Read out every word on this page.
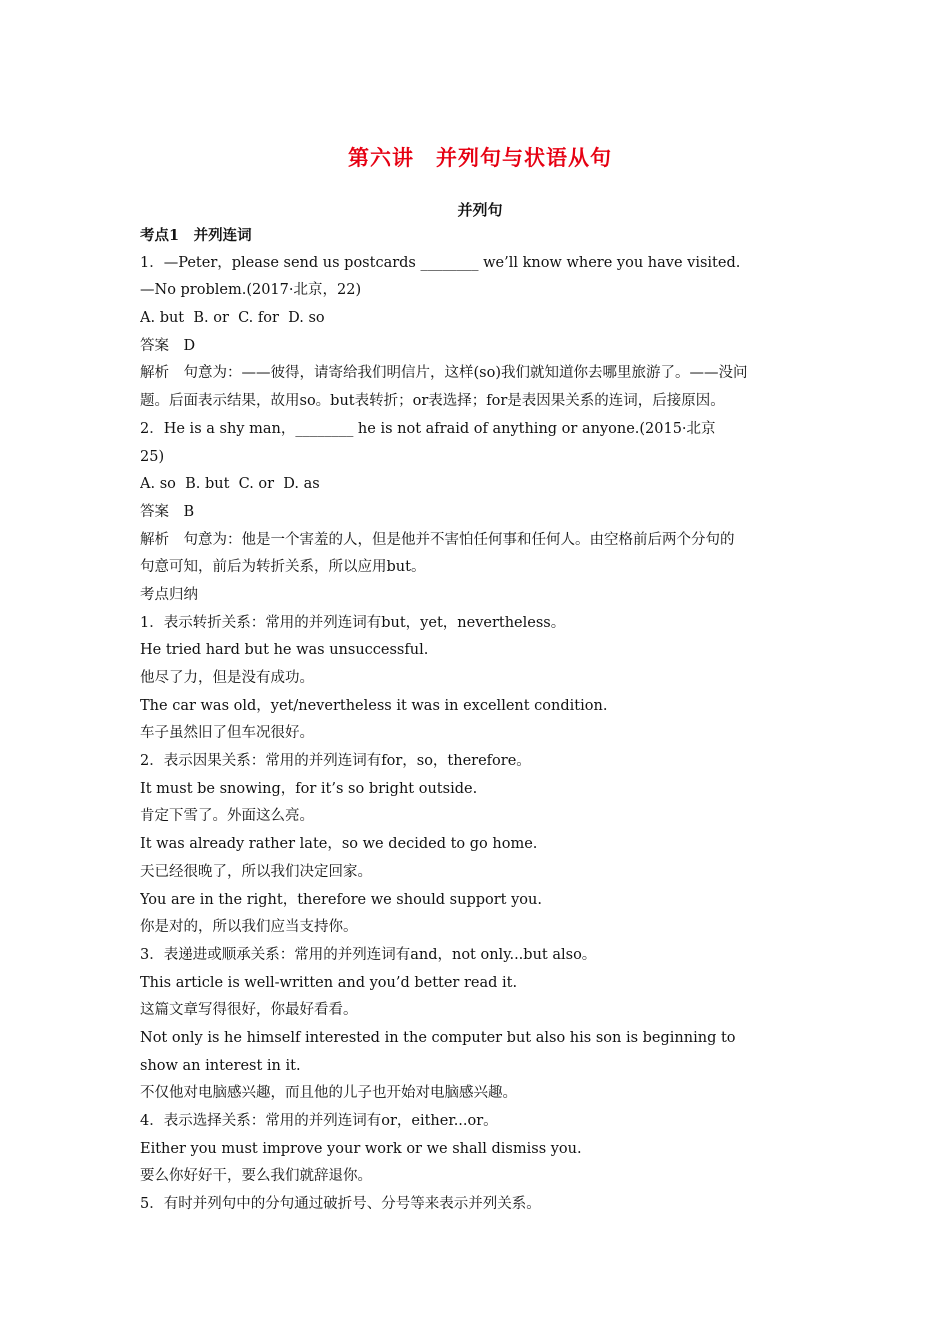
第六讲　并列句与状语从句
并列句
考点1　并列连词
1．—Peter，please send us postcards ________ we’ll know where you have visited.
—No problem.(2017·北京，22)
A. but  B. or  C. for  D. so
答案　D
解析　句意为：——彼得，请寄给我们明信片，这样(so)我们就知道你去哪里旅游了。——没问
题。后面表示结果，故用so。but表转折；or表选择；for是表因果关系的连词，后接原因。
2．He is a shy man，________ he is not afraid of anything or anyone.(2015·北京
25)
A. so  B. but  C. or  D. as
答案　B
解析　句意为：他是一个害羞的人，但是他并不害怕任何事和任何人。由空格前后两个分句的
句意可知，前后为转折关系，所以应用but。
考点归纳
1．表示转折关系：常用的并列连词有but，yet，nevertheless。
He tried hard but he was unsuccessful.
他尽了力，但是没有成功。
The car was old，yet/nevertheless it was in excellent condition.
车子虽然旧了但车况很好。
2．表示因果关系：常用的并列连词有for，so，therefore。
It must be snowing，for it’s so bright outside.
肯定下雪了。外面这么亮。
It was already rather late，so we decided to go home.
天已经很晚了，所以我们决定回家。
You are in the right，therefore we should support you.
你是对的，所以我们应当支持你。
3．表递进或顺承关系：常用的并列连词有and，not only...but also。
This article is well-written and you’d better read it.
这篇文章写得很好，你最好看看。
Not only is he himself interested in the computer but also his son is beginning to
show an interest in it.
不仅他对电脑感兴趣，而且他的儿子也开始对电脑感兴趣。
4．表示选择关系：常用的并列连词有or，either...or。
Either you must improve your work or we shall dismiss you.
要么你好好干，要么我们就辞退你。
5．有时并列句中的分句通过破折号、分号等来表示并列关系。
